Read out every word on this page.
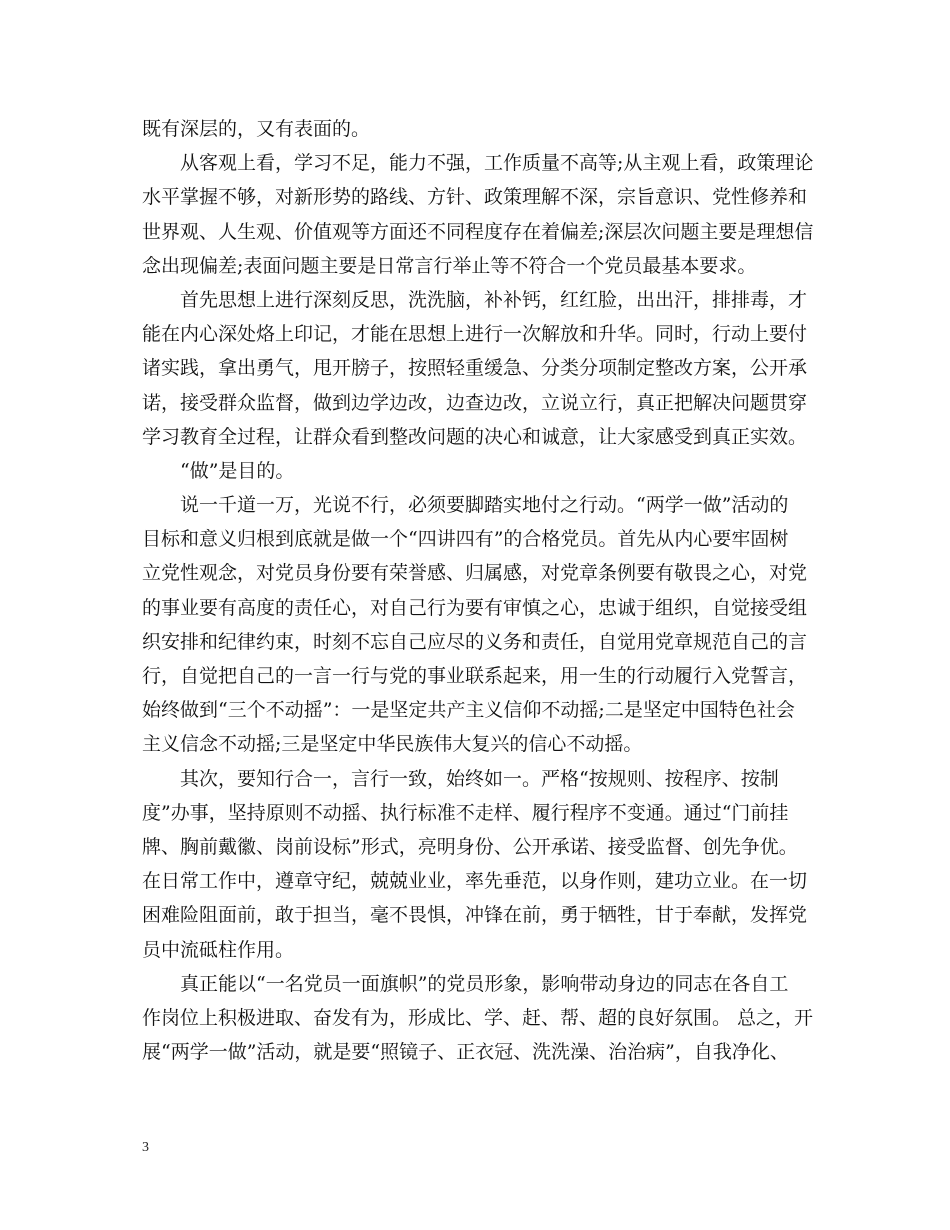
既有深层的，又有表面的。
从客观上看，学习不足，能力不强，工作质量不高等;从主观上看，政策理论
水平掌握不够，对新形势的路线、方针、政策理解不深，宗旨意识、党性修养和
世界观、人生观、价值观等方面还不同程度存在着偏差;深层次问题主要是理想信
念出现偏差;表面问题主要是日常言行举止等不符合一个党员最基本要求。
首先思想上进行深刻反思，洗洗脑，补补钙，红红脸，出出汗，排排毒，才
能在内心深处烙上印记，才能在思想上进行一次解放和升华。同时，行动上要付
诸实践，拿出勇气，甩开膀子，按照轻重缓急、分类分项制定整改方案，公开承
诺，接受群众监督，做到边学边改，边查边改，立说立行，真正把解决问题贯穿
学习教育全过程，让群众看到整改问题的决心和诚意，让大家感受到真正实效。
“做”是目的。
说一千道一万，光说不行，必须要脚踏实地付之行动。“两学一做”活动的
目标和意义归根到底就是做一个“四讲四有”的合格党员。首先从内心要牢固树
立党性观念，对党员身份要有荣誉感、归属感，对党章条例要有敬畏之心，对党
的事业要有高度的责任心，对自己行为要有审慎之心，忠诚于组织，自觉接受组
织安排和纪律约束，时刻不忘自己应尽的义务和责任，自觉用党章规范自己的言
行，自觉把自己的一言一行与党的事业联系起来，用一生的行动履行入党誓言，
始终做到“三个不动摇”：一是坚定共产主义信仰不动摇;二是坚定中国特色社会
主义信念不动摇;三是坚定中华民族伟大复兴的信心不动摇。
其次，要知行合一，言行一致，始终如一。严格“按规则、按程序、按制
度”办事，坚持原则不动摇、执行标准不走样、履行程序不变通。通过“门前挂
牌、胸前戴徽、岗前设标”形式，亮明身份、公开承诺、接受监督、创先争优。
在日常工作中，遵章守纪，兢兢业业，率先垂范，以身作则，建功立业。在一切
困难险阻面前，敢于担当，毫不畏惧，冲锋在前，勇于牺牲，甘于奉献，发挥党
员中流砥柱作用。
真正能以“一名党员一面旗帜”的党员形象，影响带动身边的同志在各自工
作岗位上积极进取、奋发有为，形成比、学、赶、帮、超的良好氛围。 总之，开
展“两学一做”活动，就是要“照镜子、正衣冠、洗洗澡、治治病”，自我净化、
3
